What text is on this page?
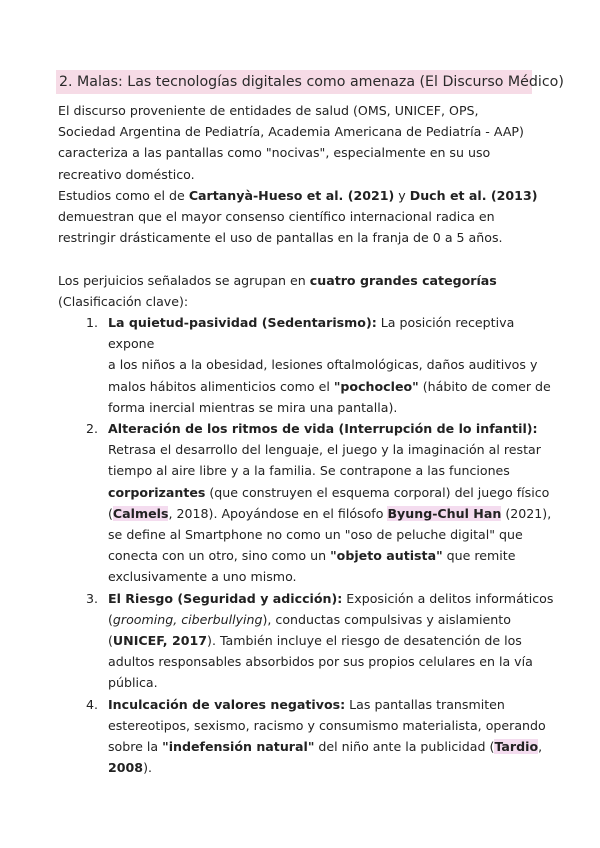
2. Malas: Las tecnologías digitales como amenaza (El Discurso Médico)
El discurso proveniente de entidades de salud (OMS, UNICEF, OPS,
Sociedad Argentina de Pediatría, Academia Americana de Pediatría - AAP)
caracteriza a las pantallas como "nocivas", especialmente en su uso
recreativo doméstico.
Estudios como el de Cartanyà-Hueso et al. (2021) y Duch et al. (2013)
demuestran que el mayor consenso científico internacional radica en
restringir drásticamente el uso de pantallas en la franja de 0 a 5 años.
Los perjuicios señalados se agrupan en cuatro grandes categorías
(Clasificación clave):
1. La quietud-pasividad (Sedentarismo): La posición receptiva expone
a los niños a la obesidad, lesiones oftalmológicas, daños auditivos y
malos hábitos alimenticios como el "pochocleo" (hábito de comer de
forma inercial mientras se mira una pantalla).
2. Alteración de los ritmos de vida (Interrupción de lo infantil):
Retrasa el desarrollo del lenguaje, el juego y la imaginación al restar
tiempo al aire libre y a la familia. Se contrapone a las funciones
corporizantes (que construyen el esquema corporal) del juego físico
(Calmels, 2018). Apoyándose en el filósofo Byung-Chul Han (2021),
se define al Smartphone no como un "oso de peluche digital" que
conecta con un otro, sino como un "objeto autista" que remite
exclusivamente a uno mismo.
3. El Riesgo (Seguridad y adicción): Exposición a delitos informáticos
(grooming, ciberbullying), conductas compulsivas y aislamiento
(UNICEF, 2017). También incluye el riesgo de desatención de los
adultos responsables absorbidos por sus propios celulares en la vía
pública.
4. Inculcación de valores negativos: Las pantallas transmiten
estereotipos, sexismo, racismo y consumismo materialista, operando
sobre la "indefensión natural" del niño ante la publicidad (Tardio,
2008).
